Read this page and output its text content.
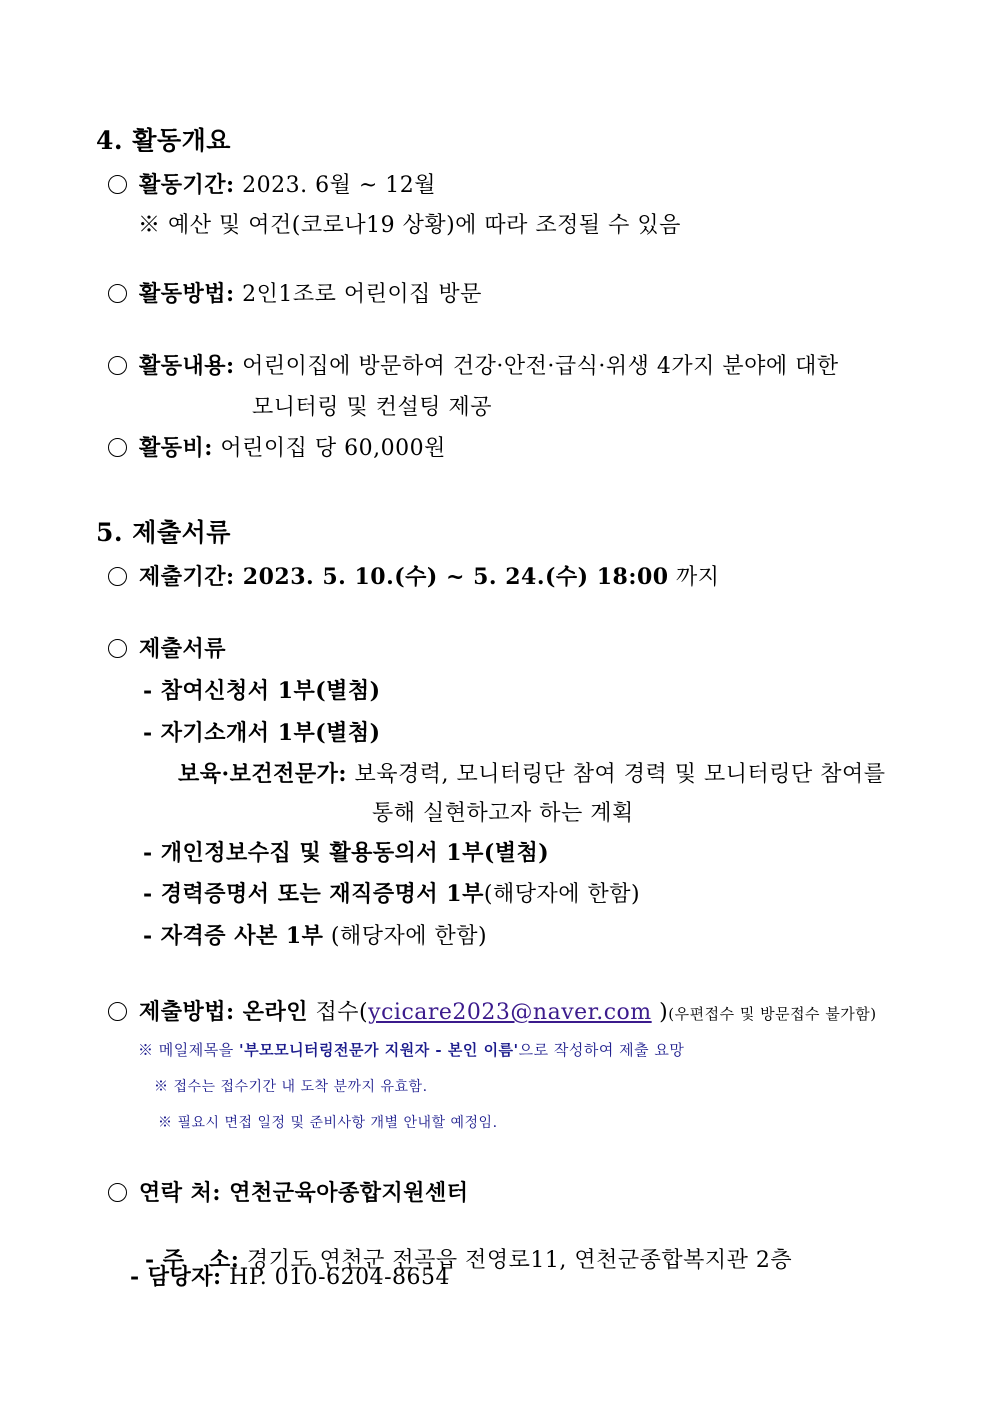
4. 활동개요
활동기간: 2023. 6월 ~ 12월
※ 예산 및 여건(코로나19 상황)에 따라 조정될 수 있음
활동방법: 2인1조로 어린이집 방문
활동내용: 어린이집에 방문하여 건강·안전·급식·위생 4가지 분야에 대한
모니터링 및 컨설팅 제공
활동비: 어린이집 당 60,000원
5. 제출서류
제출기간: 2023. 5. 10.(수) ~ 5. 24.(수) 18:00 까지
제출서류
- 참여신청서 1부(별첨)
- 자기소개서 1부(별첨)
보육·보건전문가: 보육경력, 모니터링단 참여 경력 및 모니터링단 참여를
통해 실현하고자 하는 계획
- 개인정보수집 및 활용동의서 1부(별첨)
- 경력증명서 또는 재직증명서 1부(해당자에 한함)
- 자격증 사본 1부 (해당자에 한함)
제출방법: 온라인 접수(ycicare2023@naver.com )(우편접수 및 방문접수 불가함)
※ 메일제목을 '부모모니터링전문가 지원자 - 본인 이름'으로 작성하여 제출 요망
※ 접수는 접수기간 내 도착 분까지 유효함.
※ 필요시 면접 일정 및 준비사항 개별 안내할 예정임.
연락 처: 연천군육아종합지원센터

- 주   소: 경기도 연천군 전곡읍 전영로11, 연천군종합복지관 2층

- 담당자: HP. 010-6204-8654
